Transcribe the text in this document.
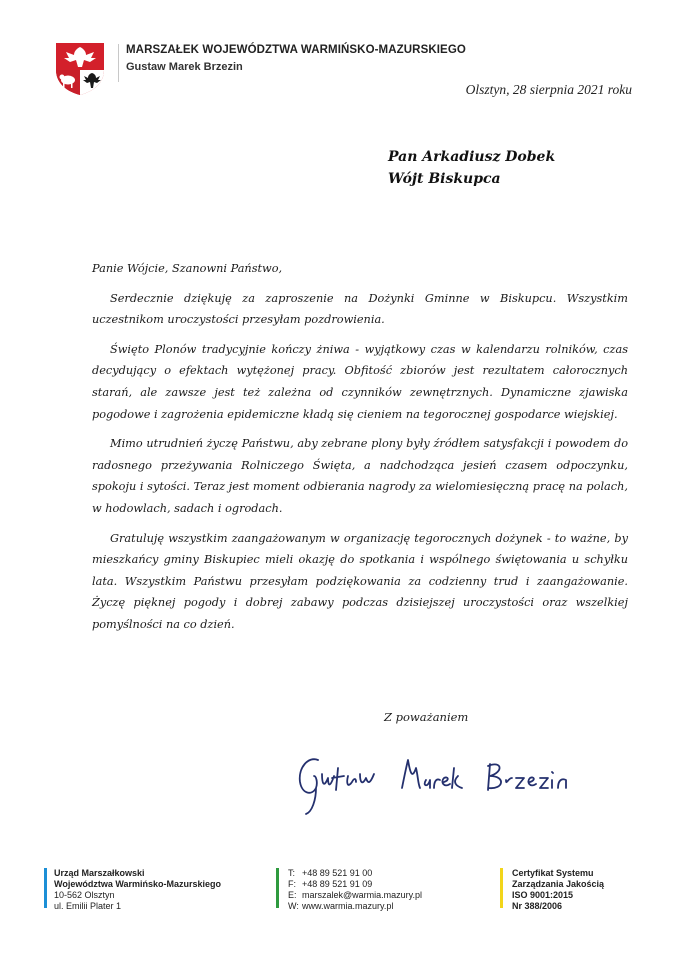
MARSZAŁEK WOJEWÓDZTWA WARMIŃSKO-MAZURSKIEGO
Gustaw Marek Brzezin
Olsztyn, 28 sierpnia 2021 roku
Pan Arkadiusz Dobek
Wójt Biskupca

Panie Wójcie, Szanowni Państwo,

Serdecznie dziękuję za zaproszenie na Dożynki Gminne w Biskupcu. Wszystkim uczestnikom uroczystości przesyłam pozdrowienia.

Święto Plonów tradycyjnie kończy żniwa - wyjątkowy czas w kalendarzu rolników, czas decydujący o efektach wytężonej pracy. Obfitość zbiorów jest rezultatem całorocznych starań, ale zawsze jest też zależna od czynników zewnętrznych. Dynamiczne zjawiska pogodowe i zagrożenia epidemiczne kładą się cieniem na tegorocznej gospodarce wiejskiej.

Mimo utrudnień życzę Państwu, aby zebrane plony były źródłem satysfakcji i powodem do radosnego przeżywania Rolniczego Święta, a nadchodząca jesień czasem odpoczynku, spokoju i sytości. Teraz jest moment odbierania nagrody za wielomiesięczną pracę na polach, w hodowlach, sadach i ogrodach.

Gratuluję wszystkim zaangażowanym w organizację tegorocznych dożynek - to ważne, by mieszkańcy gminy Biskupiec mieli okazję do spotkania i wspólnego świętowania u schyłku lata. Wszystkim Państwu przesyłam podziękowania za codzienny trud i zaangażowanie. Życzę pięknej pogody i dobrej zabawy podczas dzisiejszej uroczystości oraz wszelkiej pomyślności na co dzień.

Z poważaniem
Urząd Marszałkowski
Województwa Warmińsko-Mazurskiego
10-562 Olsztyn
ul. Emilii Plater 1
T: +48 89 521 91 00
F: +48 89 521 91 09
E: marszalek@warmia.mazury.pl
W: www.warmia.mazury.pl
Certyfikat Systemu
Zarządzania Jakością
ISO 9001:2015
Nr 388/2006
